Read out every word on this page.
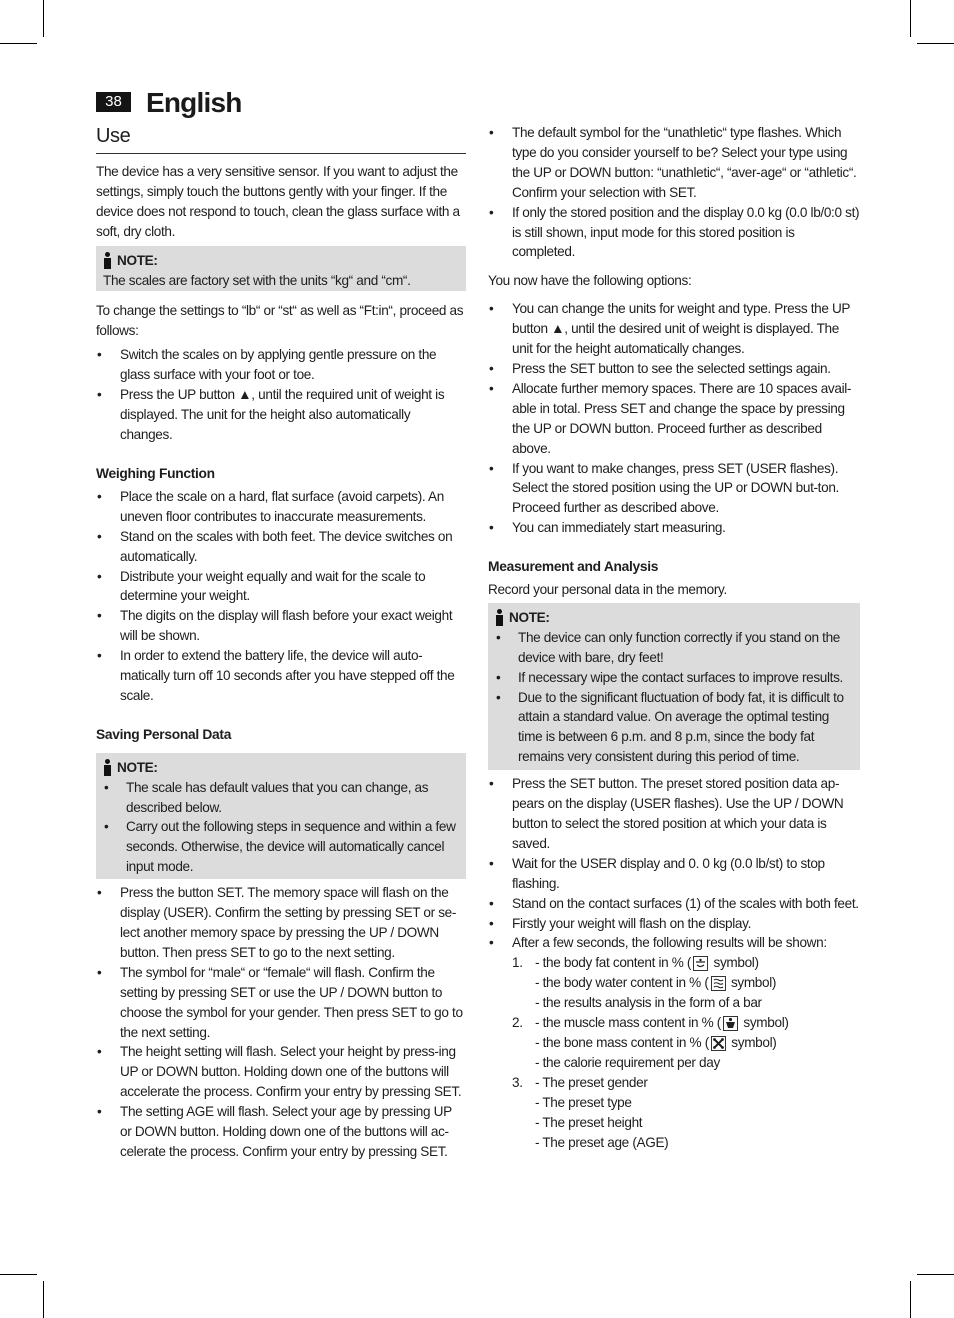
38 English
Use

The device has a very sensitive sensor. If you want to adjust the settings, simply touch the buttons gently with your finger. If the device does not respond to touch, clean the glass surface with a soft, dry cloth.

NOTE:

The scales are factory set with the units “kg“ and “cm“.

To change the settings to “lb“ or “st“ as well as “Ft:in“, proceed as follows:

• Switch the scales on by applying gentle pressure on the glass surface with your foot or toe.
• Press the UP button ▲, until the required unit of weight is displayed. The unit for the height also automatically changes.

Weighing Function

• Place the scale on a hard, flat surface (avoid carpets). An uneven floor contributes to inaccurate measurements.
• Stand on the scales with both feet. The device switches on automatically.
• Distribute your weight equally and wait for the scale to determine your weight.
• The digits on the display will flash before your exact weight will be shown.
• In order to extend the battery life, the device will auto-matically turn off 10 seconds after you have stepped off the scale.

Saving Personal Data

NOTE:
• The scale has default values that you can change, as described below.
• Carry out the following steps in sequence and within a few seconds. Otherwise, the device will automatically cancel input mode.
• Press the button SET. The memory space will flash on the display (USER). Confirm the setting by pressing SET or se-lect another memory space by pressing the UP / DOWN button. Then press SET to go to the next setting.
• The symbol for “male“ or “female“ will flash. Confirm the setting by pressing SET or use the UP / DOWN button to choose the symbol for your gender. Then press SET to go to the next setting.
• The height setting will flash. Select your height by press-ing UP or DOWN button. Holding down one of the buttons will accelerate the process. Confirm your entry by pressing SET.
• The setting AGE will flash. Select your age by pressing UP or DOWN button. Holding down one of the buttons will ac-celerate the process. Confirm your entry by pressing SET.
• The default symbol for the “unathletic“ type flashes. Which type do you consider yourself to be? Select your type using the UP or DOWN button: “unathletic“, “aver-age“ or “athletic“. Confirm your selection with SET.
• If only the stored position and the display 0.0 kg (0.0 lb/0:0 st) is still shown, input mode for this stored position is completed.

You now have the following options:

• You can change the units for weight and type. Press the UP button ▲, until the desired unit of weight is displayed. The unit for the height automatically changes.
• Press the SET button to see the selected settings again.
• Allocate further memory spaces. There are 10 spaces avail-able in total. Press SET and change the space by pressing the UP or DOWN button. Proceed further as described above.
• If you want to make changes, press SET (USER flashes). Select the stored position using the UP or DOWN but-ton. Proceed further as described above.
• You can immediately start measuring.

Measurement and Analysis

Record your personal data in the memory.

NOTE:
• The device can only function correctly if you stand on the device with bare, dry feet!
• If necessary wipe the contact surfaces to improve results.
• Due to the significant fluctuation of body fat, it is difficult to attain a standard value. On average the optimal testing time is between 6 p.m. and 8 p.m, since the body fat remains very consistent during this period of time.
• Press the SET button. The preset stored position data ap-pears on the display (USER flashes). Use the UP / DOWN button to select the stored position at which your data is saved.
• Wait for the USER display and 0. 0 kg (0.0 lb/st) to stop flashing.
• Stand on the contact surfaces (1) of the scales with both feet.
• Firstly your weight will flash on the display.
• After a few seconds, the following results will be shown:
1. - the body fat content in % ( symbol)
- the body water content in % ( symbol)
- the results analysis in the form of a bar
2. - the muscle mass content in % ( symbol)
- the bone mass content in % ( symbol)
- the calorie requirement per day
3. - The preset gender
- The preset type
- The preset height
- The preset age (AGE)
